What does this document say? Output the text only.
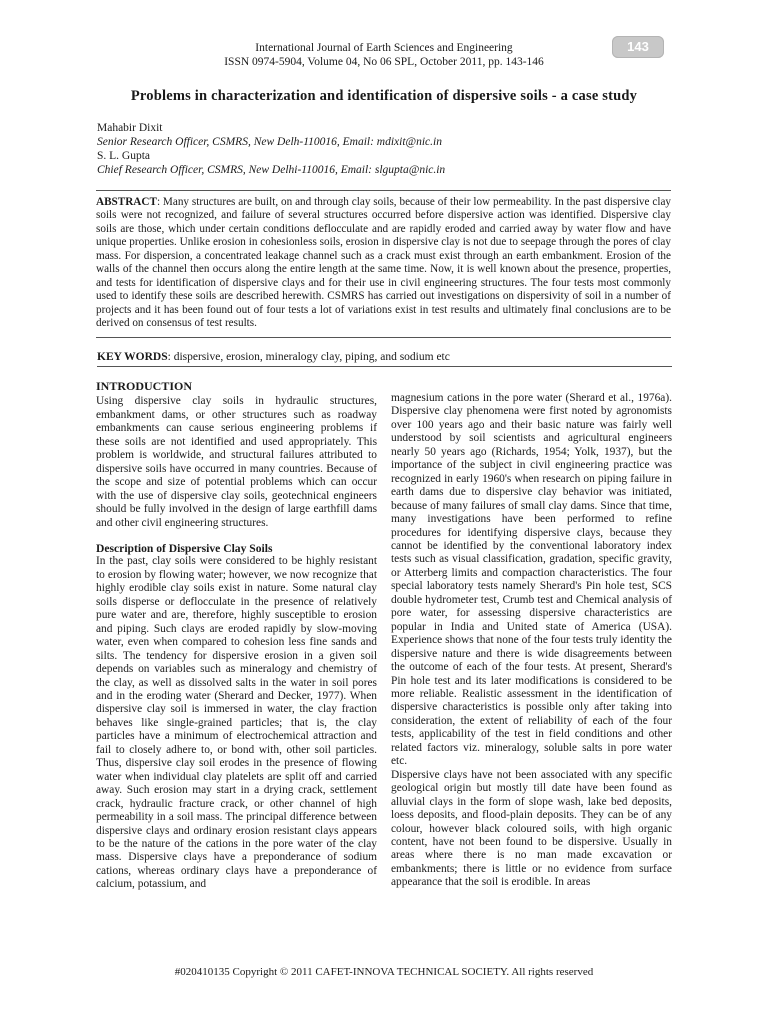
International Journal of Earth Sciences and Engineering
ISSN 0974-5904, Volume 04, No 06 SPL, October 2011, pp. 143-146
143
Problems in characterization and identification of dispersive soils - a case study
Mahabir Dixit
Senior Research Officer, CSMRS, New Delh-110016, Email: mdixit@nic.in
S. L. Gupta
Chief Research Officer, CSMRS, New Delhi-110016, Email: slgupta@nic.in
ABSTRACT: Many structures are built, on and through clay soils, because of their low permeability. In the past dispersive clay soils were not recognized, and failure of several structures occurred before dispersive action was identified. Dispersive clay soils are those, which under certain conditions deflocculate and are rapidly eroded and carried away by water flow and have unique properties. Unlike erosion in cohesionless soils, erosion in dispersive clay is not due to seepage through the pores of clay mass. For dispersion, a concentrated leakage channel such as a crack must exist through an earth embankment. Erosion of the walls of the channel then occurs along the entire length at the same time. Now, it is well known about the presence, properties, and tests for identification of dispersive clays and for their use in civil engineering structures. The four tests most commonly used to identify these soils are described herewith. CSMRS has carried out investigations on dispersivity of soil in a number of projects and it has been found out of four tests a lot of variations exist in test results and ultimately final conclusions are to be derived on consensus of test results.
KEY WORDS: dispersive, erosion, mineralogy clay, piping, and sodium etc

INTRODUCTION

Using dispersive clay soils in hydraulic structures, embankment dams, or other structures such as roadway embankments can cause serious engineering problems if these soils are not identified and used appropriately. This problem is worldwide, and structural failures attributed to dispersive soils have occurred in many countries. Because of the scope and size of potential problems which can occur with the use of dispersive clay soils, geotechnical engineers should be fully involved in the design of large earthfill dams and other civil engineering structures.

Description of Dispersive Clay Soils

In the past, clay soils were considered to be highly resistant to erosion by flowing water; however, we now recognize that highly erodible clay soils exist in nature. Some natural clay soils disperse or deflocculate in the presence of relatively pure water and are, therefore, highly susceptible to erosion and piping. Such clays are eroded rapidly by slow-moving water, even when compared to cohesion less fine sands and silts. The tendency for dispersive erosion in a given soil depends on variables such as mineralogy and chemistry of the clay, as well as dissolved salts in the water in soil pores and in the eroding water (Sherard and Decker, 1977). When dispersive clay soil is immersed in water, the clay fraction behaves like single-grained particles; that is, the clay particles have a minimum of electrochemical attraction and fail to closely adhere to, or bond with, other soil particles. Thus, dispersive clay soil erodes in the presence of flowing water when individual clay platelets are split off and carried away. Such erosion may start in a drying crack, settlement crack, hydraulic fracture crack, or other channel of high permeability in a soil mass. The principal difference between dispersive clays and ordinary erosion resistant clays appears to be the nature of the cations in the pore water of the clay mass. Dispersive clays have a preponderance of sodium cations, whereas ordinary clays have a preponderance of calcium, potassium, and

magnesium cations in the pore water (Sherard et al., 1976a). Dispersive clay phenomena were first noted by agronomists over 100 years ago and their basic nature was fairly well understood by soil scientists and agricultural engineers nearly 50 years ago (Richards, 1954; Yolk, 1937), but the importance of the subject in civil engineering practice was recognized in early 1960's when research on piping failure in earth dams due to dispersive clay behavior was initiated, because of many failures of small clay dams. Since that time, many investigations have been performed to refine procedures for identifying dispersive clays, because they cannot be identified by the conventional laboratory index tests such as visual classification, gradation, specific gravity, or Atterberg limits and compaction characteristics. The four special laboratory tests namely Sherard's Pin hole test, SCS double hydrometer test, Crumb test and Chemical analysis of pore water, for assessing dispersive characteristics are popular in India and United state of America (USA). Experience shows that none of the four tests truly identity the dispersive nature and there is wide disagreements between the outcome of each of the four tests. At present, Sherard's Pin hole test and its later modifications is considered to be more reliable. Realistic assessment in the identification of dispersive characteristics is possible only after taking into consideration, the extent of reliability of each of the four tests, applicability of the test in field conditions and other related factors viz. mineralogy, soluble salts in pore water etc.

Dispersive clays have not been associated with any specific geological origin but mostly till date have been found as alluvial clays in the form of slope wash, lake bed deposits, loess deposits, and flood-plain deposits. They can be of any colour, however black coloured soils, with high organic content, have not been found to be dispersive. Usually in areas where there is no man made excavation or embankments; there is little or no evidence from surface appearance that the soil is erodible. In areas

#020410135 Copyright © 2011 CAFET-INNOVA TECHNICAL SOCIETY. All rights reserved
